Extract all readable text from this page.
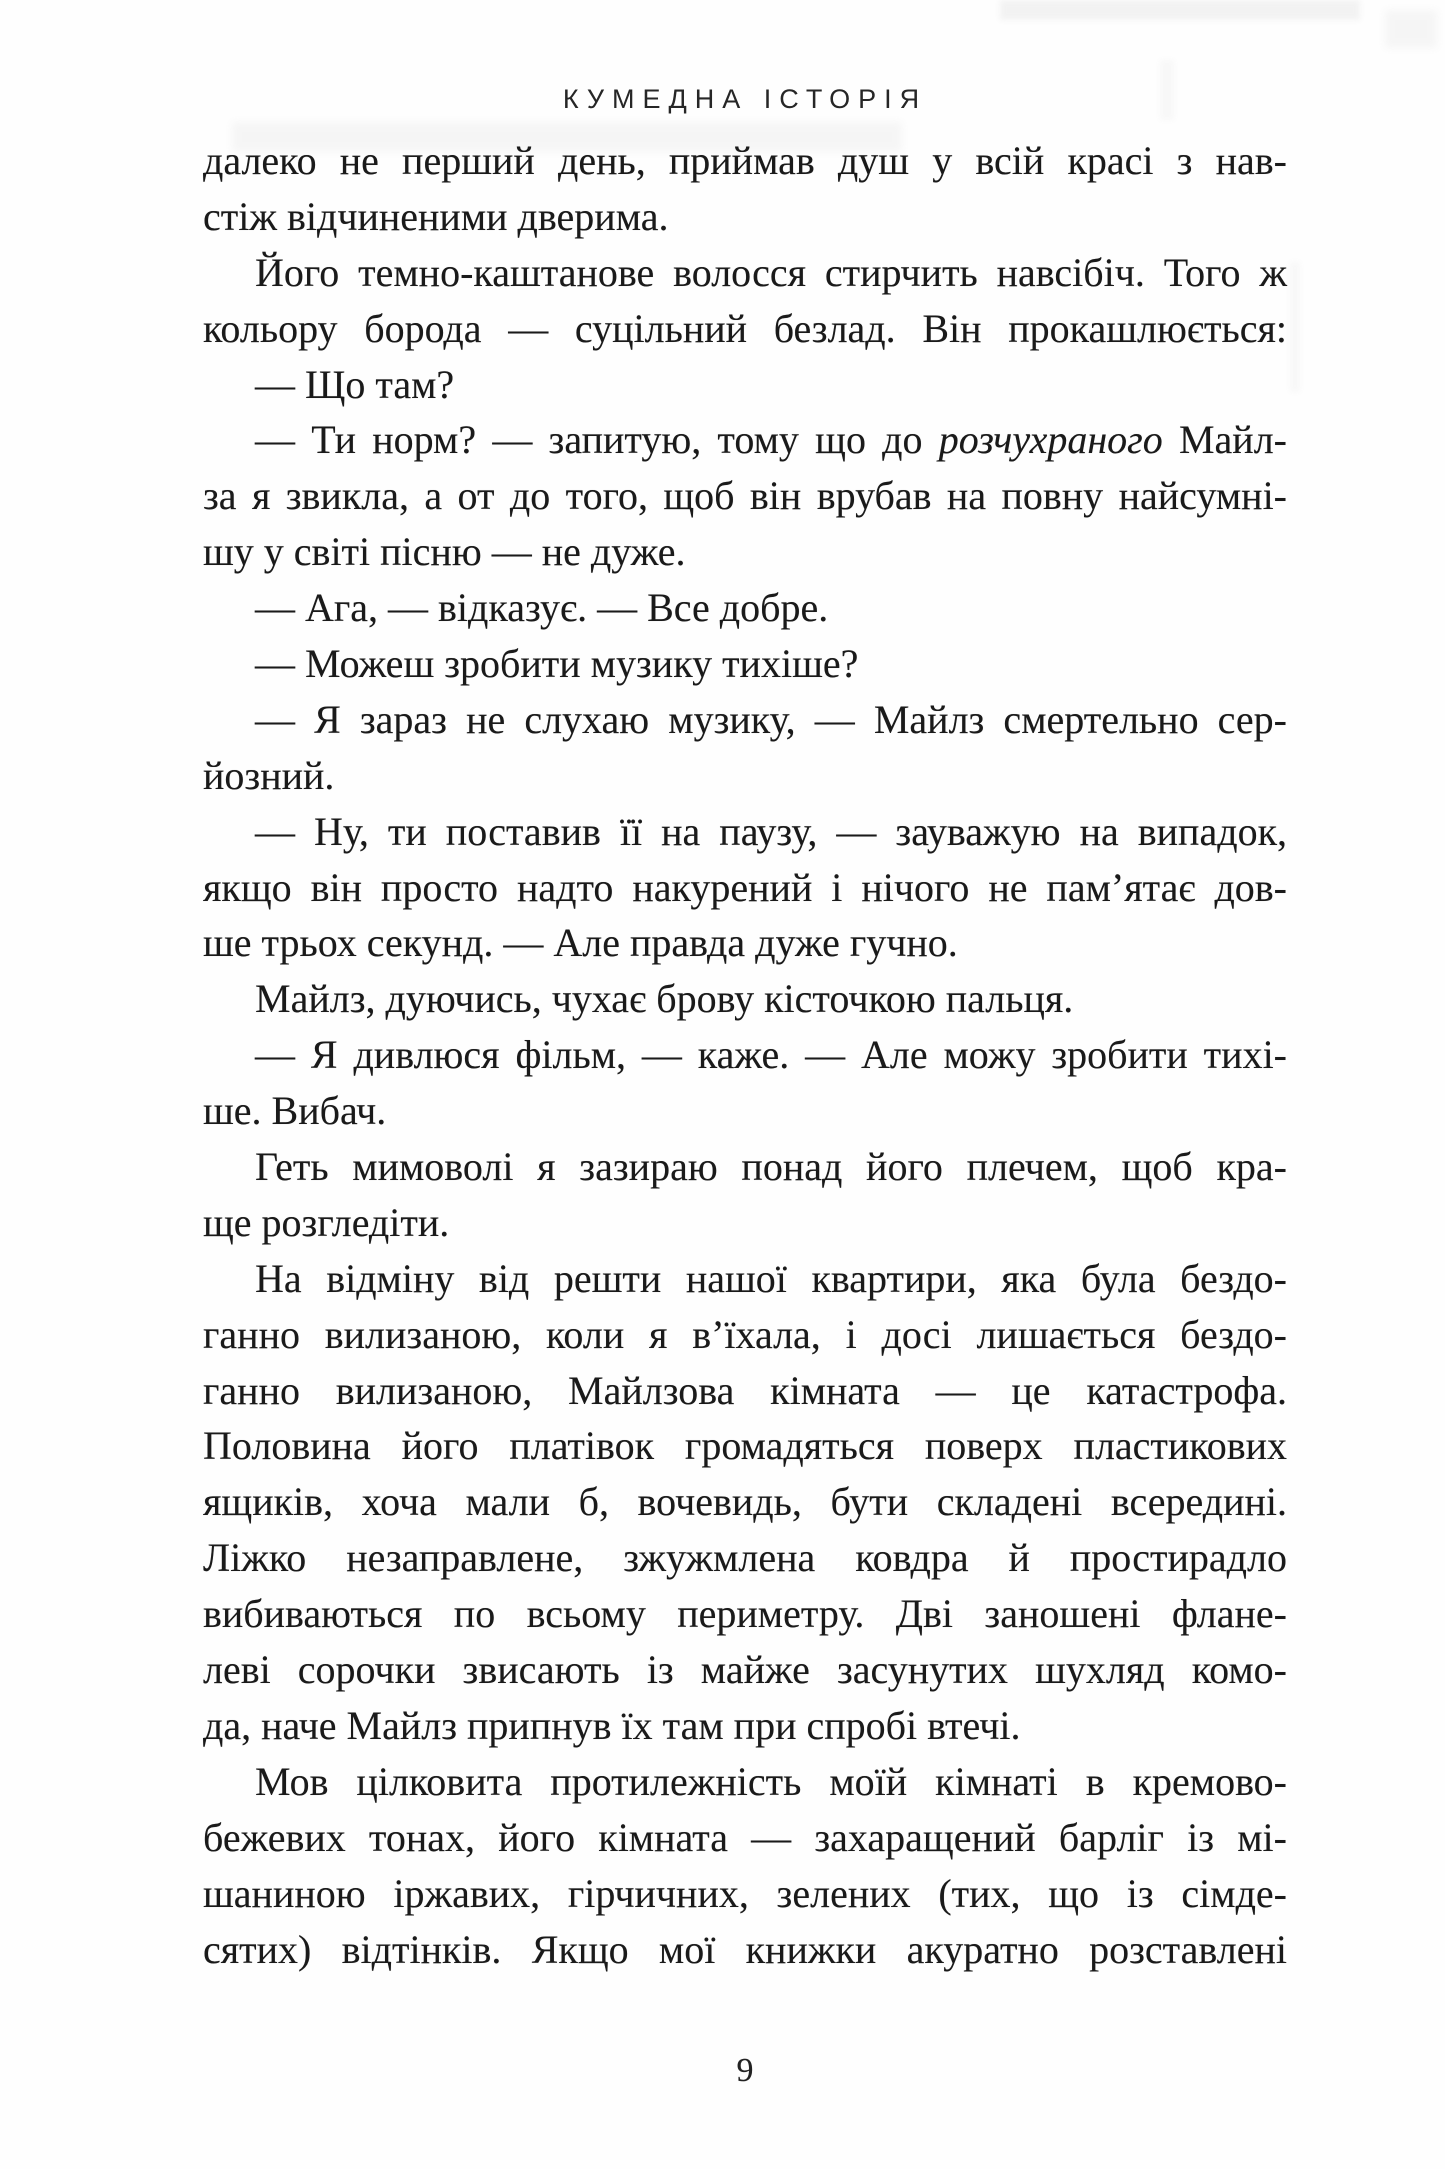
КУМЕДНА ІСТОРІЯ
далеко не перший день, приймав душ у всій красі з нав-
стіж відчиненими дверима.
Його темно-каштанове волосся стирчить навсібіч. Того ж
кольору борода — суцільний безлад. Він прокашлюється:
— Що там?
— Ти норм? — запитую, тому що до розчухраного Майл-
за я звикла, а от до того, щоб він врубав на повну найсумні-
шу у світі пісню — не дуже.
— Ага, — відказує. — Все добре.
— Можеш зробити музику тихіше?
— Я зараз не слухаю музику, — Майлз смертельно сер-
йозний.
— Ну, ти поставив її на паузу, — зауважую на випадок,
якщо він просто надто накурений і нічого не пам’ятає дов-
ше трьох секунд. — Але правда дуже гучно.
Майлз, дуючись, чухає брову кісточкою пальця.
— Я дивлюся фільм, — каже. — Але можу зробити тихі-
ше. Вибач.
Геть мимоволі я зазираю понад його плечем, щоб кра-
ще розгледіти.
На відміну від решти нашої квартири, яка була бездо-
ганно вилизаною, коли я в’їхала, і досі лишається бездо-
ганно вилизаною, Майлзова кімната — це катастрофа.
Половина його платівок громадяться поверх пластикових
ящиків, хоча мали б, вочевидь, бути складені всередині.
Ліжко незаправлене, зжужмлена ковдра й простирадло
вибиваються по всьому периметру. Дві заношені флане-
леві сорочки звисають із майже засунутих шухляд комо-
да, наче Майлз припнув їх там при спробі втечі.
Мов цілковита протилежність моїй кімнаті в кремово-
бежевих тонах, його кімната — захаращений барліг із мі-
шаниною іржавих, гірчичних, зелених (тих, що із сімде-
сятих) відтінків. Якщо мої книжки акуратно розставлені
9
